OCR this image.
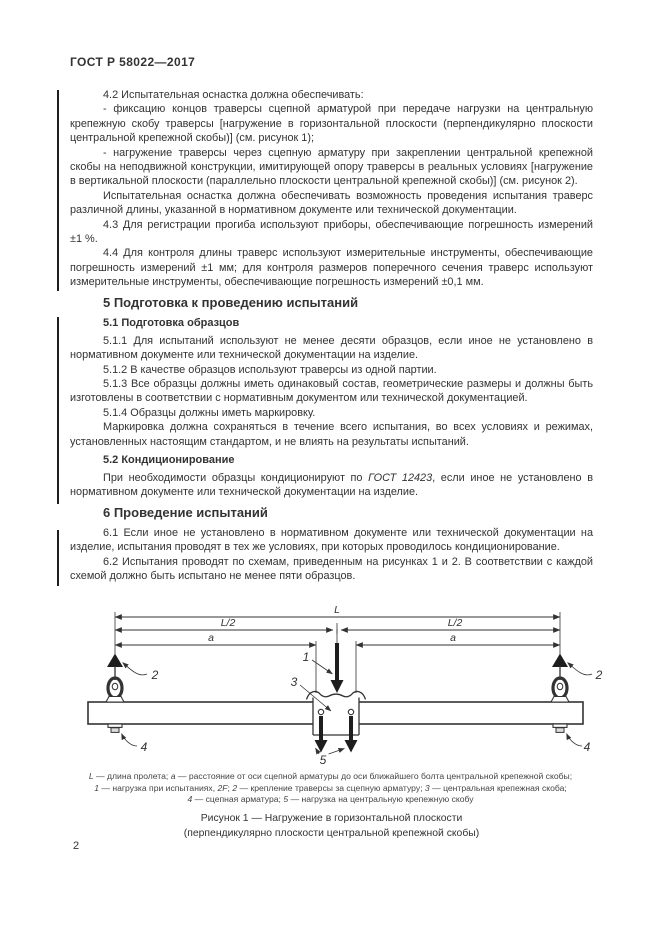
ГОСТ Р 58022—2017
4.2 Испытательная оснастка должна обеспечивать:
- фиксацию концов траверсы сцепной арматурой при передаче нагрузки на центральную крепежную скобу траверсы [нагружение в горизонтальной плоскости (перпендикулярно плоскости центральной крепежной скобы)] (см. рисунок 1);
- нагружение траверсы через сцепную арматуру при закреплении центральной крепежной скобы на неподвижной конструкции, имитирующей опору траверсы в реальных условиях [нагружение в вертикальной плоскости (параллельно плоскости центральной крепежной скобы)] (см. рисунок 2).
Испытательная оснастка должна обеспечивать возможность проведения испытания траверс различной длины, указанной в нормативном документе или технической документации.
4.3 Для регистрации прогиба используют приборы, обеспечивающие погрешность измерений ±1 %.
4.4 Для контроля длины траверс используют измерительные инструменты, обеспечивающие погрешность измерений ±1 мм; для контроля размеров поперечного сечения траверс используют измерительные инструменты, обеспечивающие погрешность измерений ±0,1 мм.
5 Подготовка к проведению испытаний
5.1 Подготовка образцов
5.1.1 Для испытаний используют не менее десяти образцов, если иное не установлено в нормативном документе или технической документации на изделие.
5.1.2 В качестве образцов используют траверсы из одной партии.
5.1.3 Все образцы должны иметь одинаковый состав, геометрические размеры и должны быть изготовлены в соответствии с нормативным документом или технической документацией.
5.1.4 Образцы должны иметь маркировку.
Маркировка должна сохраняться в течение всего испытания, во всех условиях и режимах, установленных настоящим стандартом, и не влиять на результаты испытаний.
5.2 Кондиционирование
При необходимости образцы кондиционируют по ГОСТ 12423, если иное не установлено в нормативном документе или технической документации на изделие.
6 Проведение испытаний
6.1 Если иное не установлено в нормативном документе или технической документации на изделие, испытания проводят в тех же условиях, при которых проводилось кондиционирование.
6.2 Испытания проводят по схемам, приведенным на рисунках 1 и 2. В соответствии с каждой схемой должно быть испытано не менее пяти образцов.
L
L/2	L/2
a	a
1
2	2
3
4	4
5
L — длина пролета; a — расстояние от оси сцепной арматуры до оси ближайшего болта центральной крепежной скобы;
1 — нагрузка при испытаниях, 2F; 2 — крепление траверсы за сцепную арматуру; 3 — центральная крепежная скоба;
4 — сцепная арматура; 5 — нагрузка на центральную крепежную скобу
Рисунок 1 — Нагружение в горизонтальной плоскости
(перпендикулярно плоскости центральной крепежной скобы)
2
